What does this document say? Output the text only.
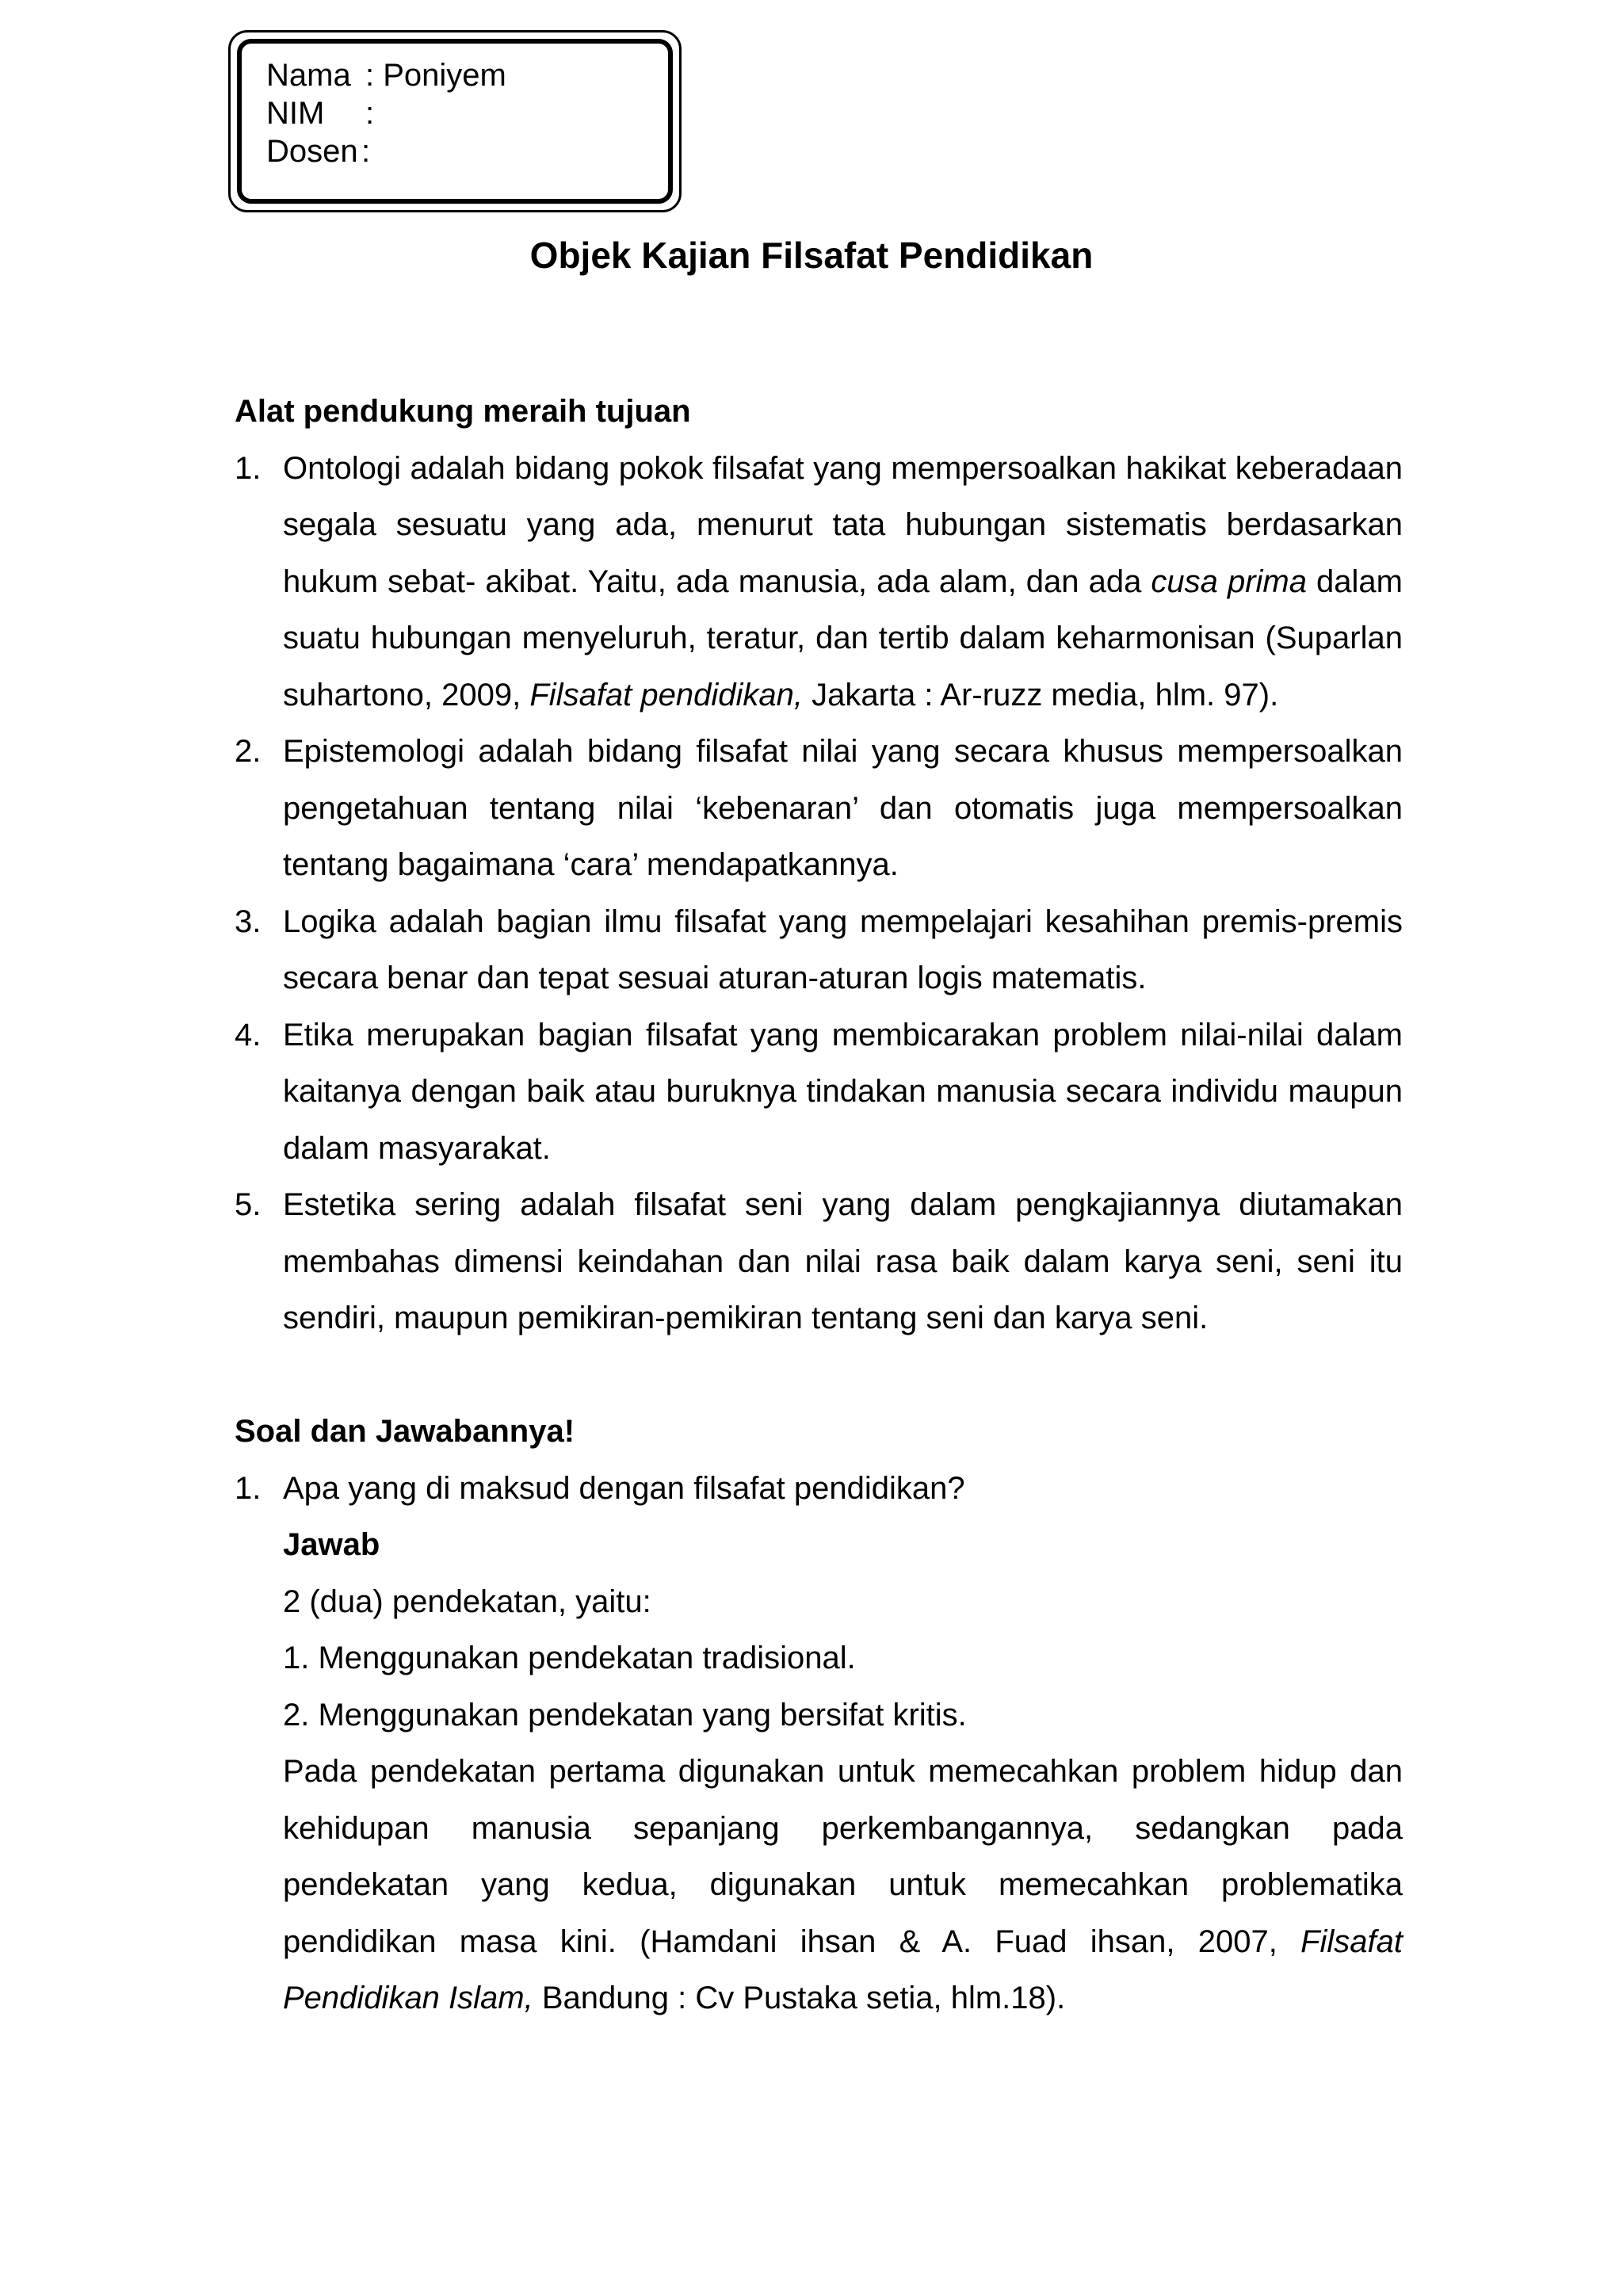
Nama : Poniyem
NIM :
Dosen :
Objek Kajian Filsafat Pendidikan

Alat pendukung meraih tujuan

1. Ontologi adalah bidang pokok filsafat yang mempersoalkan hakikat keberadaan segala sesuatu yang ada, menurut tata hubungan sistematis berdasarkan hukum sebat- akibat. Yaitu, ada manusia, ada alam, dan ada cusa prima dalam suatu hubungan menyeluruh, teratur, dan tertib dalam keharmonisan (Suparlan suhartono, 2009, Filsafat pendidikan, Jakarta : Ar-ruzz media, hlm. 97).
2. Epistemologi adalah bidang filsafat nilai yang secara khusus mempersoalkan pengetahuan tentang nilai ‘kebenaran’ dan otomatis juga mempersoalkan tentang bagaimana ‘cara’ mendapatkannya.
3. Logika adalah bagian ilmu filsafat yang mempelajari kesahihan premis-premis secara benar dan tepat sesuai aturan-aturan logis matematis.
4. Etika merupakan bagian filsafat yang membicarakan problem nilai-nilai dalam kaitanya dengan baik atau buruknya tindakan manusia secara individu maupun dalam masyarakat.
5. Estetika sering adalah filsafat seni yang dalam pengkajiannya diutamakan membahas dimensi keindahan dan nilai rasa baik dalam karya seni, seni itu sendiri, maupun pemikiran-pemikiran tentang seni dan karya seni.

Soal dan Jawabannya!

1. Apa yang di maksud dengan filsafat pendidikan?
Jawab
2 (dua) pendekatan, yaitu:
1. Menggunakan pendekatan tradisional.
2. Menggunakan pendekatan yang bersifat kritis.
Pada pendekatan pertama digunakan untuk memecahkan problem hidup dan kehidupan manusia sepanjang perkembangannya, sedangkan pada pendekatan yang kedua, digunakan untuk memecahkan problematika pendidikan masa kini. (Hamdani ihsan & A. Fuad ihsan, 2007, Filsafat Pendidikan Islam, Bandung : Cv Pustaka setia, hlm.18).
